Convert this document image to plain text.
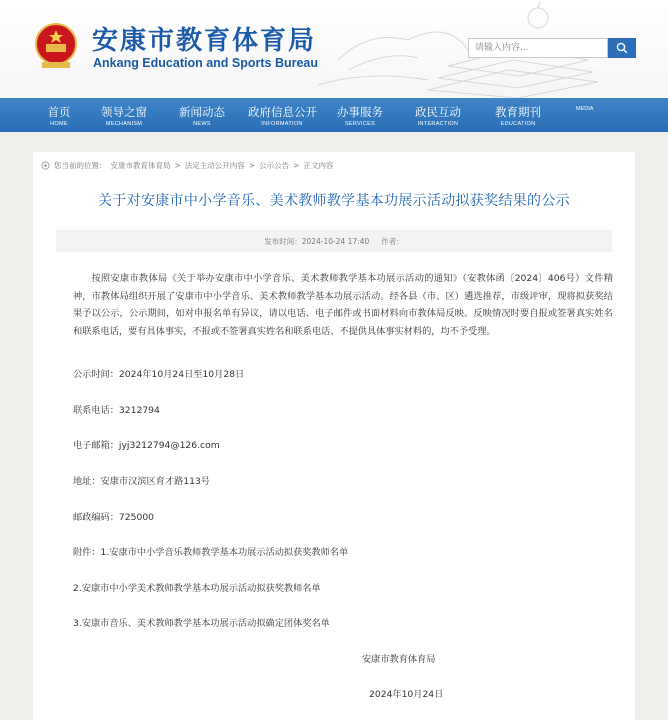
安康市教育体育局
Ankang Education and Sports Bureau
请输入内容...
首页
HOME
领导之窗
MECHANISM
新闻动态
NEWS
政府信息公开
INFORMATION
办事服务
SERVICES
政民互动
INTERACTION
教育期刊
EDUCATION
MEDIA
您当前的位置： 安康市教育体育局 > 法定主动公开内容 > 公示公告 > 正文内容
关于对安康市中小学音乐、美术教师教学基本功展示活动拟获奖结果的公示
发布时间：2024-10-24 17:40 作者：
按照安康市教体局《关于举办安康市中小学音乐、美术教师教学基本功展示活动的通知》（安教体函〔2024〕406号）文件精神，市教体局组织开展了安康市中小学音乐、美术教师教学基本功展示活动。经各县（市、区）遴选推荐，市级评审，现将拟获奖结果予以公示，公示期间，如对申报名单有异议，请以电话、电子邮件或书面材料向市教体局反映。反映情况时要自报或签署真实姓名和联系电话，要有具体事实，不报或不签署真实姓名和联系电话、不提供具体事实材料的，均不予受理。
公示时间：2024年10月24日至10月28日
联系电话：3212794
电子邮箱：jyj3212794@126.com
地址：安康市汉滨区育才路113号
邮政编码：725000
附件：1.安康市中小学音乐教师教学基本功展示活动拟获奖教师名单
2.安康市中小学美术教师教学基本功展示活动拟获奖教师名单
3.安康市音乐、美术教师教学基本功展示活动拟确定团体奖名单
安康市教育体育局
2024年10月24日
